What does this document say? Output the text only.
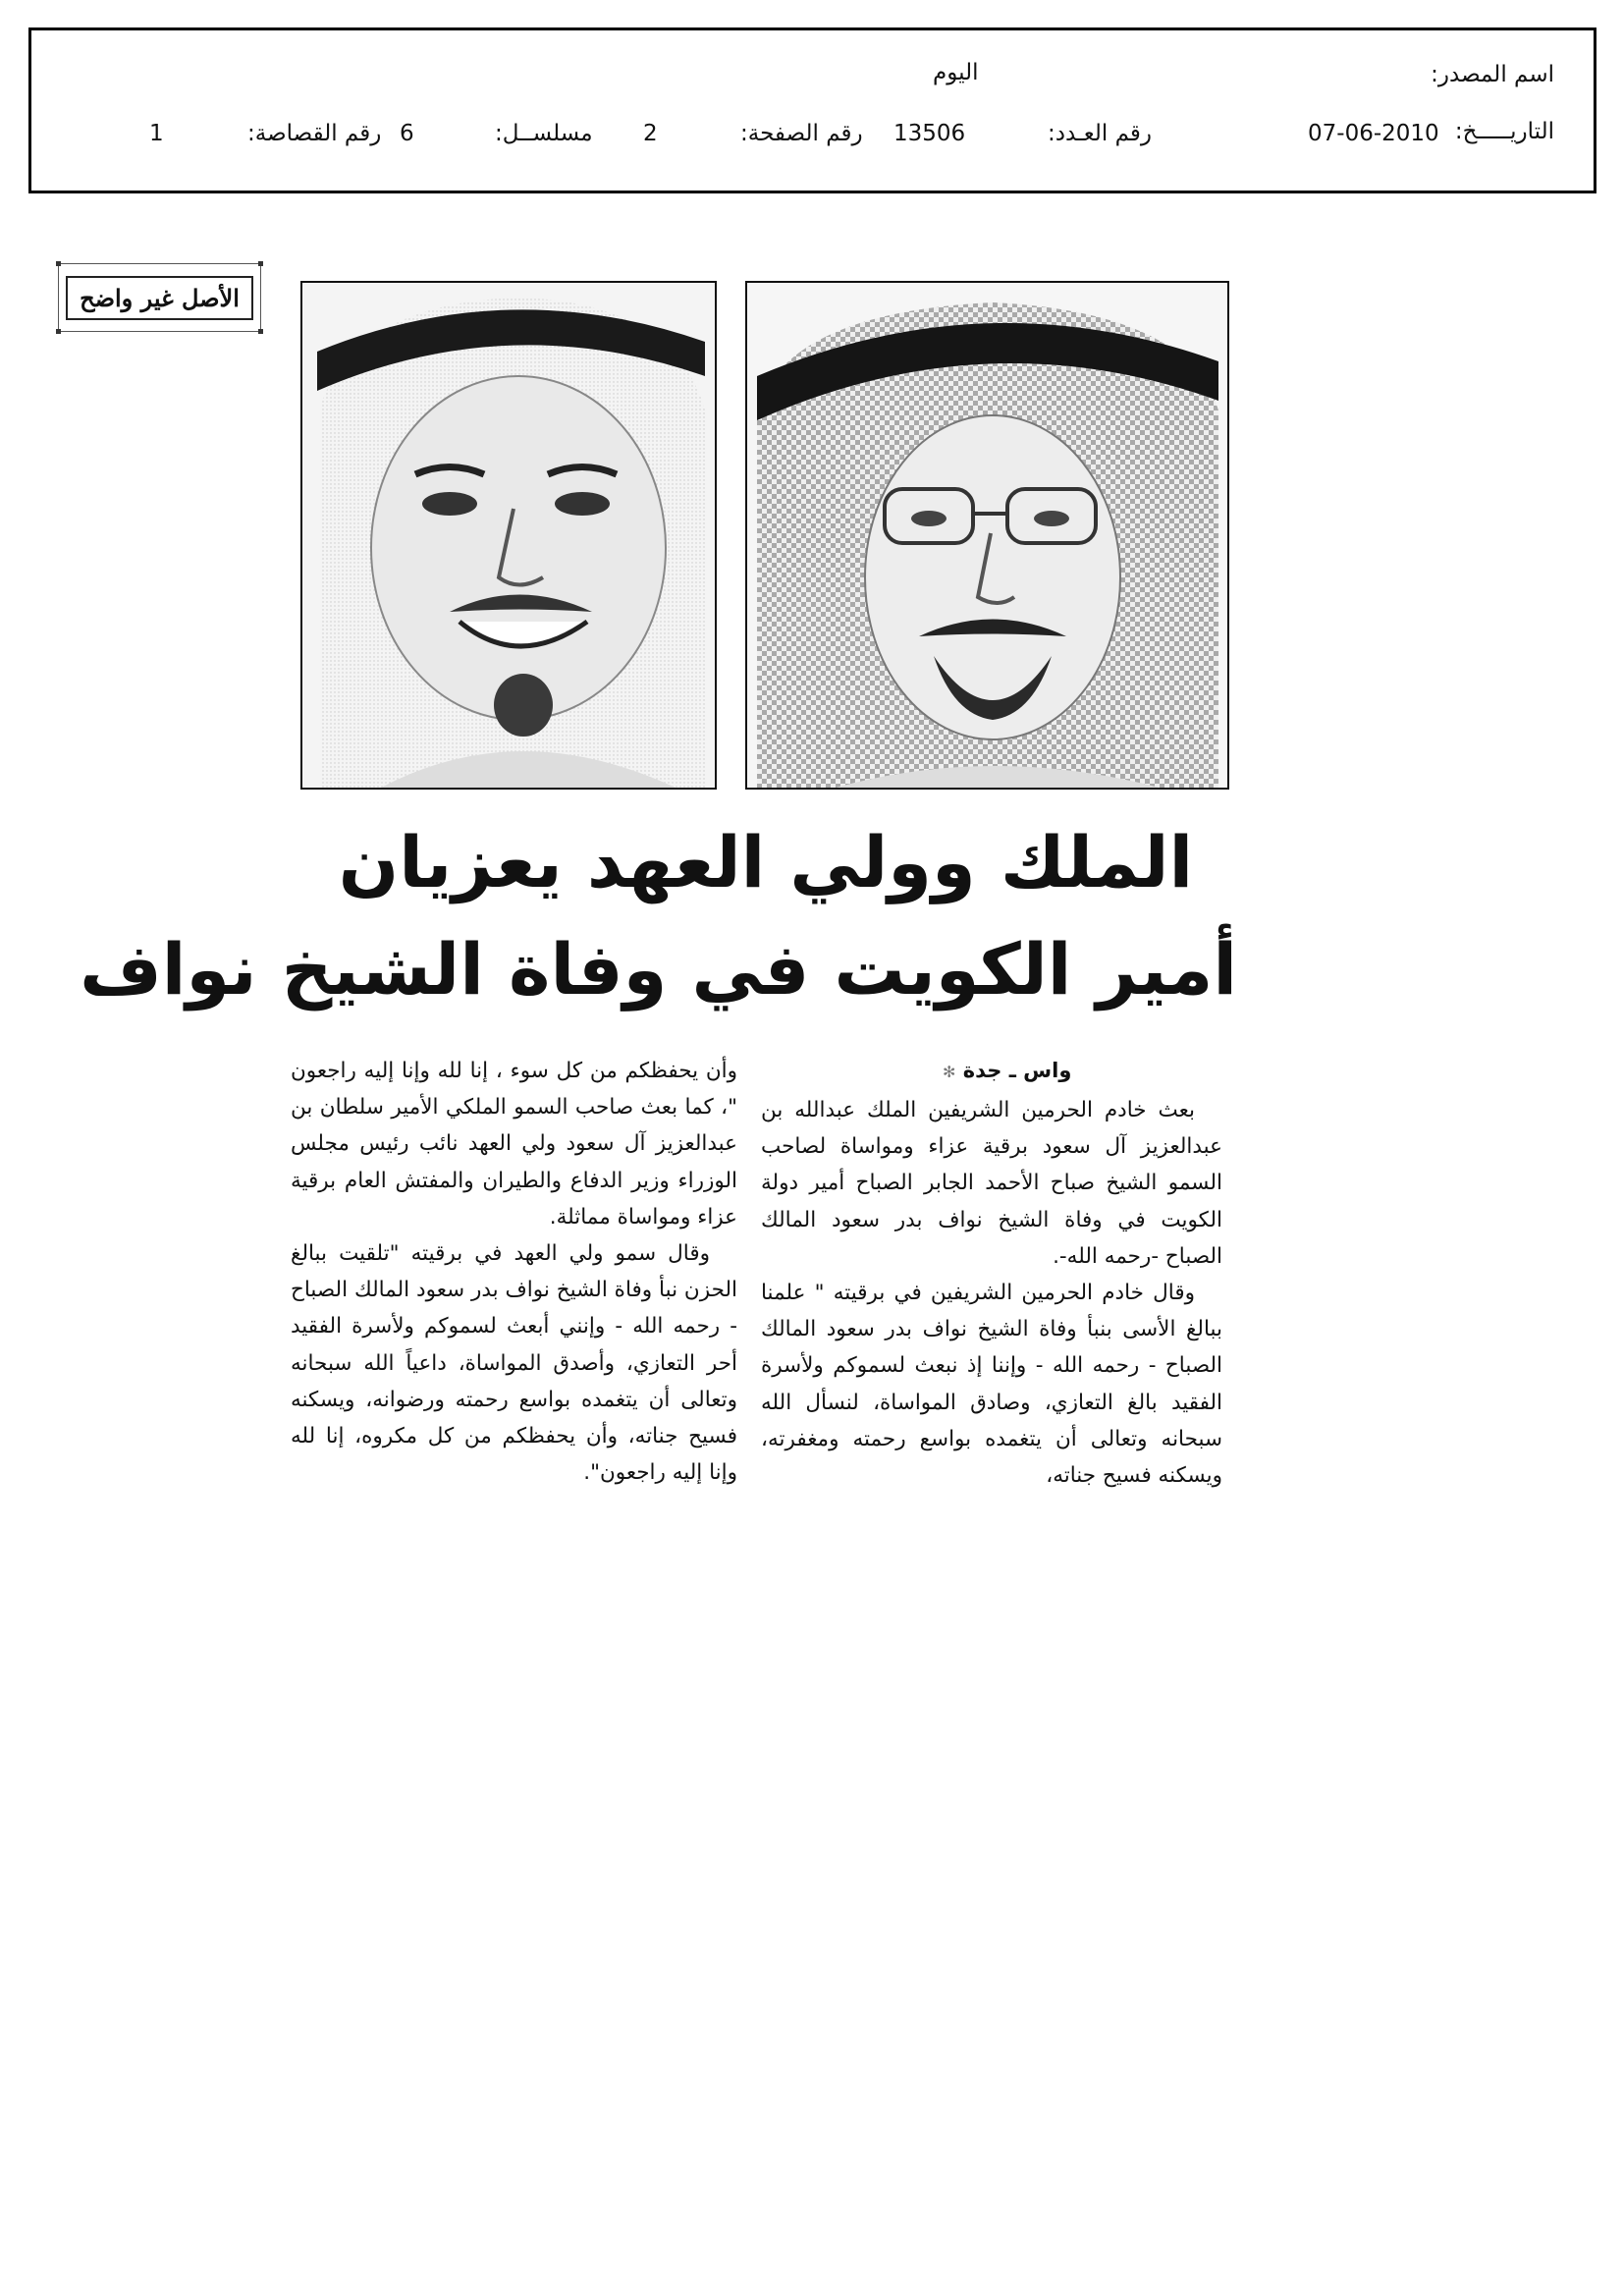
اسم المصدر:
اليوم
التاريـــــخ:
07-06-2010
رقم العـدد:
13506
رقم الصفحة:
2
مسلســل:
6
رقم القصاصة:
1
الأصل غير واضح
الملك وولي العهد يعزيان
أمير الكويت في وفاة الشيخ نواف
واس ـ جدة ✻

بعث خادم الحرمين الشريفين الملك عبدالله بن عبدالعزيز آل سعود برقية عزاء ومواساة لصاحب السمو الشيخ صباح الأحمد الجابر الصباح أمير دولة الكويت في وفاة الشيخ نواف بدر سعود المالك الصباح -رحمه الله-.

وقال خادم الحرمين الشريفين في برقيته " علمنا ببالغ الأسى بنبأ وفاة الشيخ نواف بدر سعود المالك الصباح - رحمه الله - وإننا إذ نبعث لسموكم ولأسرة الفقيد بالغ التعازي، وصادق المواساة، لنسأل الله سبحانه وتعالى أن يتغمده بواسع رحمته ومغفرته، ويسكنه فسيح جناته،

وأن يحفظكم من كل سوء ، إنا لله وإنا إليه راجعون "، كما بعث صاحب السمو الملكي الأمير سلطان بن عبدالعزيز آل سعود ولي العهد نائب رئيس مجلس الوزراء وزير الدفاع والطيران والمفتش العام برقية عزاء ومواساة مماثلة.

وقال سمو ولي العهد في برقيته "تلقيت ببالغ الحزن نبأ وفاة الشيخ نواف بدر سعود المالك الصباح - رحمه الله - وإنني أبعث لسموكم ولأسرة الفقيد أحر التعازي، وأصدق المواساة، داعياً الله سبحانه وتعالى أن يتغمده بواسع رحمته ورضوانه، ويسكنه فسيح جناته، وأن يحفظكم من كل مكروه، إنا لله وإنا إليه راجعون".
